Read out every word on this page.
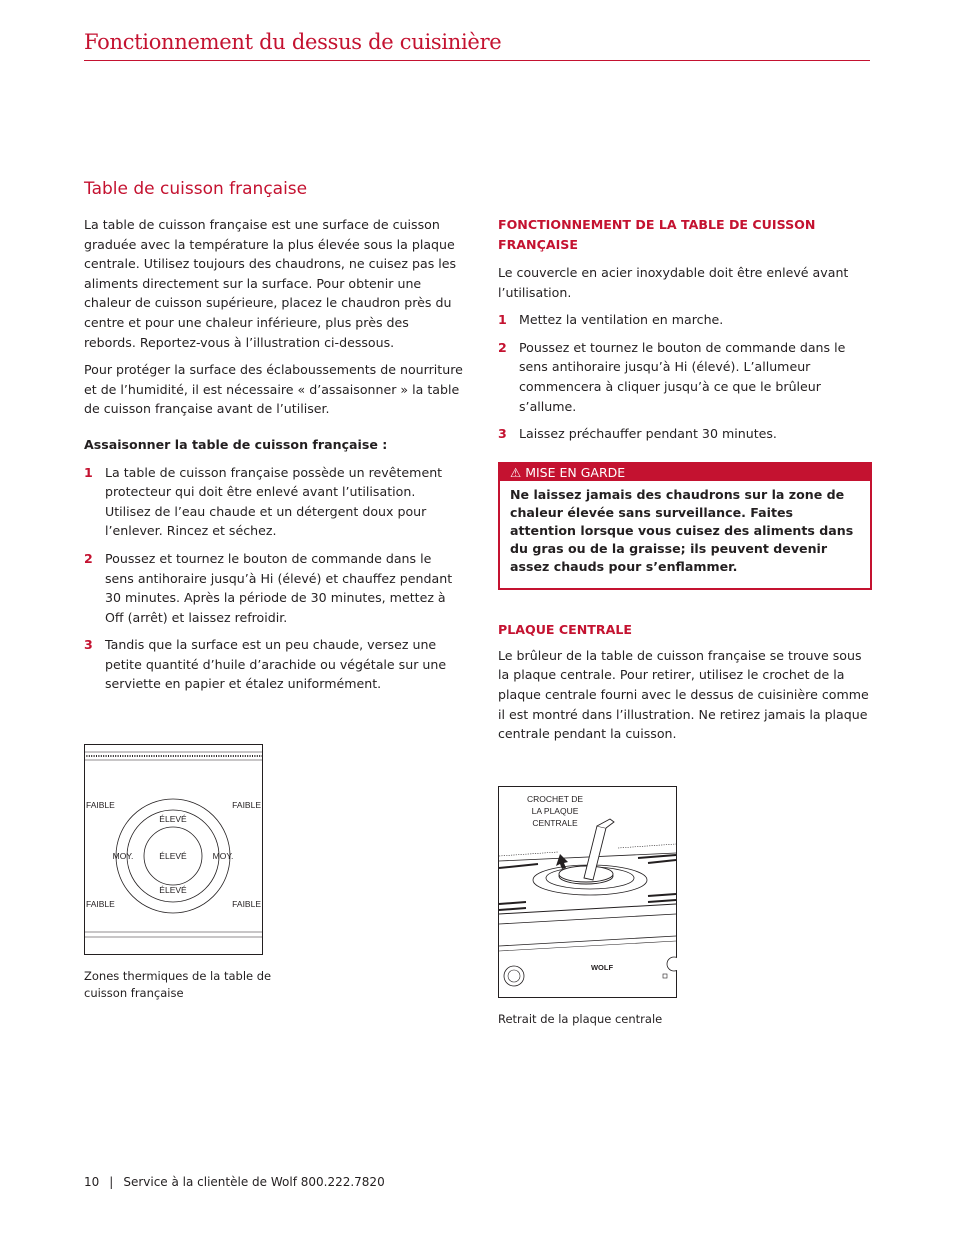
Fonctionnement du dessus de cuisinière
Table de cuisson française

La table de cuisson française est une surface de cuisson graduée avec la température la plus élevée sous la plaque centrale. Utilisez toujours des chaudrons, ne cuisez pas les aliments directement sur la surface. Pour obtenir une chaleur de cuisson supérieure, placez le chaudron près du centre et pour une chaleur inférieure, plus près des rebords. Reportez-vous à l’illustration ci-dessous.

Pour protéger la surface des éclaboussements de nourriture et de l’humidité, il est nécessaire « d’assaisonner » la table de cuisson française avant de l’utiliser.

Assaisonner la table de cuisson française :

1 La table de cuisson française possède un revêtement protecteur qui doit être enlevé avant l’utilisation. Utilisez de l’eau chaude et un détergent doux pour l’enlever. Rincez et séchez.
2 Poussez et tournez le bouton de commande dans le sens antihoraire jusqu’à Hi (élevé) et chauffez pendant 30 minutes. Après la période de 30 minutes, mettez à Off (arrêt) et laissez refroidir.
3 Tandis que la surface est un peu chaude, versez une petite quantité d’huile d’arachide ou végétale sur une serviette en papier et étalez uniformément.
FONCTIONNEMENT DE LA TABLE DE CUISSON FRANÇAISE

Le couvercle en acier inoxydable doit être enlevé avant l’utilisation.

1 Mettez la ventilation en marche.
2 Poussez et tournez le bouton de commande dans le sens antihoraire jusqu’à Hi (élevé). L’allumeur commencera à cliquer jusqu’à ce que le brûleur s’allume.
3 Laissez préchauffer pendant 30 minutes.
⚠ MISE EN GARDE
Ne laissez jamais des chaudrons sur la zone de chaleur élevée sans surveillance. Faites attention lorsque vous cuisez des aliments dans du gras ou de la graisse; ils peuvent devenir assez chauds pour s’enflammer.
PLAQUE CENTRALE

Le brûleur de la table de cuisson française se trouve sous la plaque centrale. Pour retirer, utilisez le crochet de la plaque centrale fourni avec le dessus de cuisinière comme il est montré dans l’illustration. Ne retirez jamais la plaque centrale pendant la cuisson.

FAIBLE	FAIBLE
FAIBLE	FAIBLE
ÉLEVÉ
ÉLEVÉ
ÉLEVÉ
MOY.	MOY.
Zones thermiques de la table de cuisson française
WOLF
CROCHET DE
LA PLAQUE
CENTRALE
Retrait de la plaque centrale
10 | Service à la clientèle de Wolf 800.222.7820
